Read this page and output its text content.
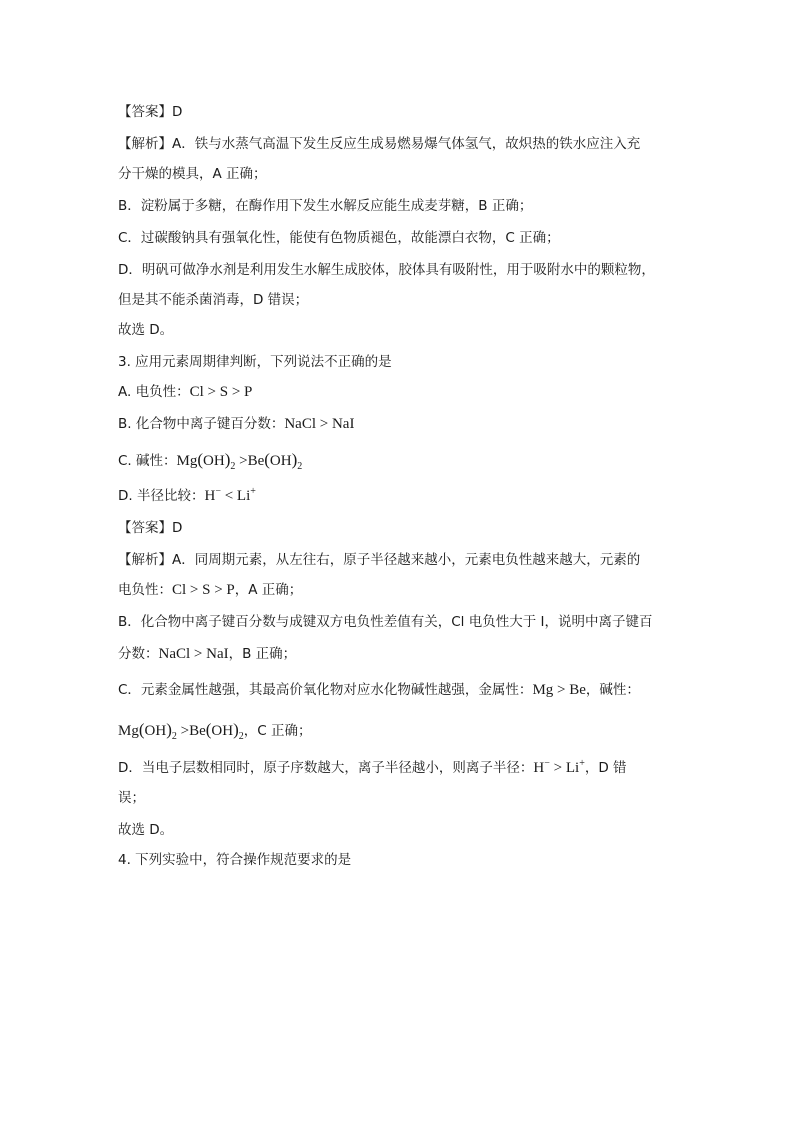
【答案】D
【解析】A．铁与水蒸气高温下发生反应生成易燃易爆气体氢气，故炽热的铁水应注入充
分干燥的模具，A 正确；
B．淀粉属于多糖，在酶作用下发生水解反应能生成麦芽糖，B 正确；
C．过碳酸钠具有强氧化性，能使有色物质褪色，故能漂白衣物，C 正确；
D．明矾可做净水剂是利用发生水解生成胶体，胶体具有吸附性，用于吸附水中的颗粒物，
但是其不能杀菌消毒，D 错误；
故选 D。
3. 应用元素周期律判断，下列说法不正确的是
A. 电负性：Cl > S > P
B. 化合物中离子键百分数：NaCl > NaI
C. 碱性：$Mg(OH)_2 >Be(OH)_2$
D. 半径比较：H− < Li+
【答案】D
【解析】A．同周期元素，从左往右，原子半径越来越小，元素电负性越来越大，元素的
电负性：Cl > S > P，A 正确；
B．化合物中离子键百分数与成键双方电负性差值有关，Cl 电负性大于 I，说明中离子键百
分数：NaCl > NaI，B 正确；
C．元素金属性越强，其最高价氧化物对应水化物碱性越强，金属性：Mg > Be，碱性：
$Mg(OH)_2 >Be(OH)_2$，C 正确；
D．当电子层数相同时，原子序数越大，离子半径越小，则离子半径：H− > Li+，D 错
误；
故选 D。
4. 下列实验中，符合操作规范要求的是
